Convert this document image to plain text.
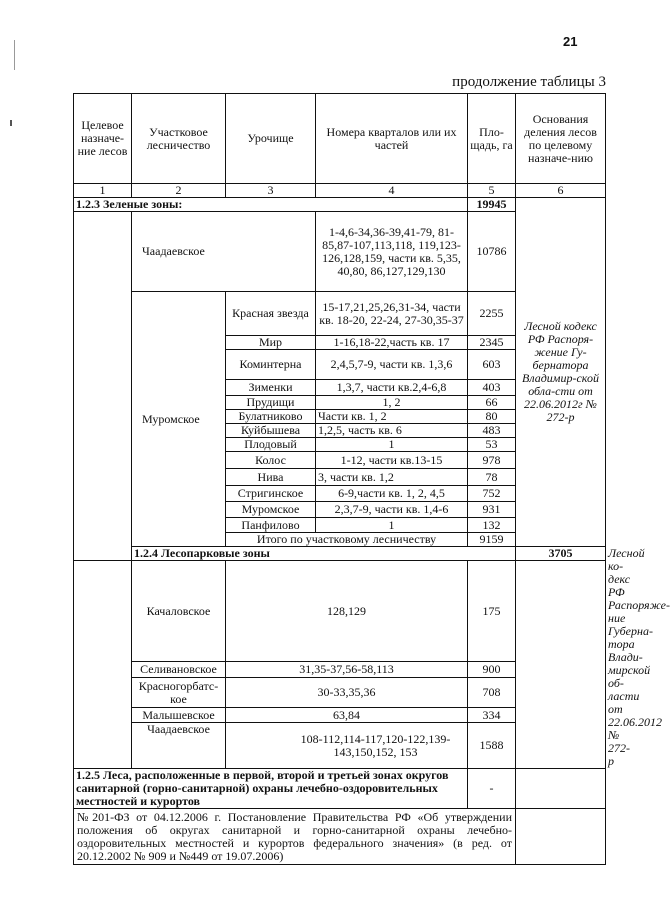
21
продолжение таблицы 3
Целевое назначе-ние лесов	Участковое лесничество	Урочище	Номера кварталов или их частей	Пло-щадь, га	Основания деления лесов по целевому назначе-нию	
1	2	3	4	5	6	
1.2.3 Зеленые зоны:				19945	Лесной кодекс РФ Распоря-жение Гу-бернатора Владимир-ской обла-сти от 22.06.2012г № 272-р	
	Чаадаевское		1-4,6-34,36-39,41-79, 81-85,87-107,113,118, 119,123-126,128,159, части кв. 5,35, 40,80, 86,127,129,130	10786		
	Муромское	Красная звезда	15-17,21,25,26,31-34, части кв. 18-20, 22-24, 27-30,35-37	2255		
		Мир	1-16,18-22,часть кв. 17	2345		
		Коминтерна	2,4,5,7-9, части кв. 1,3,6	603		
		Зименки	1,3,7, части кв.2,4-6,8	403		
		Прудищи	1, 2	66		
		Булатниково	Части кв. 1, 2	80		
		Куйбышева	1,2,5, часть кв. 6	483		
		Плодовый	1	53		
		Колос	1-12, части кв.13-15	978		
		Нива	3, части кв. 1,2	78		
		Стригинское	6-9,части кв. 1, 2, 4,5	752		
		Муромское	2,3,7-9, части кв. 1,4-6	931		
		Панфилово	1	132		
		Итого по участковому лесничеству		9159		
	1.2.4 Лесопарковые зоны				3705	Лесной ко-декс РФ Распоряже-ние Губерна-тора Влади-мирской об-ласти от 22.06.2012 № 272-р
	Качаловское	128,129		175		
	Селивановское	31,35-37,56-58,113		900		
	Красногорбатс-кое	30-33,35,36		708		
	Малышевское	63,84		334		
	Чаадаевское	108-112,114-117,120-122,139-143,150,152, 153		1588		
1.2.5 Леса, расположенные в первой, второй и третьей зонах округов санитарной (горно-санитарной) охраны лечебно-оздоровительных местностей и курортов				-		
№201-ФЗ от 04.12.2006 г. Постановление Правительства РФ «Об утверждении положения об округах санитарной и горно-санитарной охраны лечебно-оздоровительных местностей и курортов федерального значения» (в ред. от 20.12.2002 № 909 и №449 от 19.07.2006)						
